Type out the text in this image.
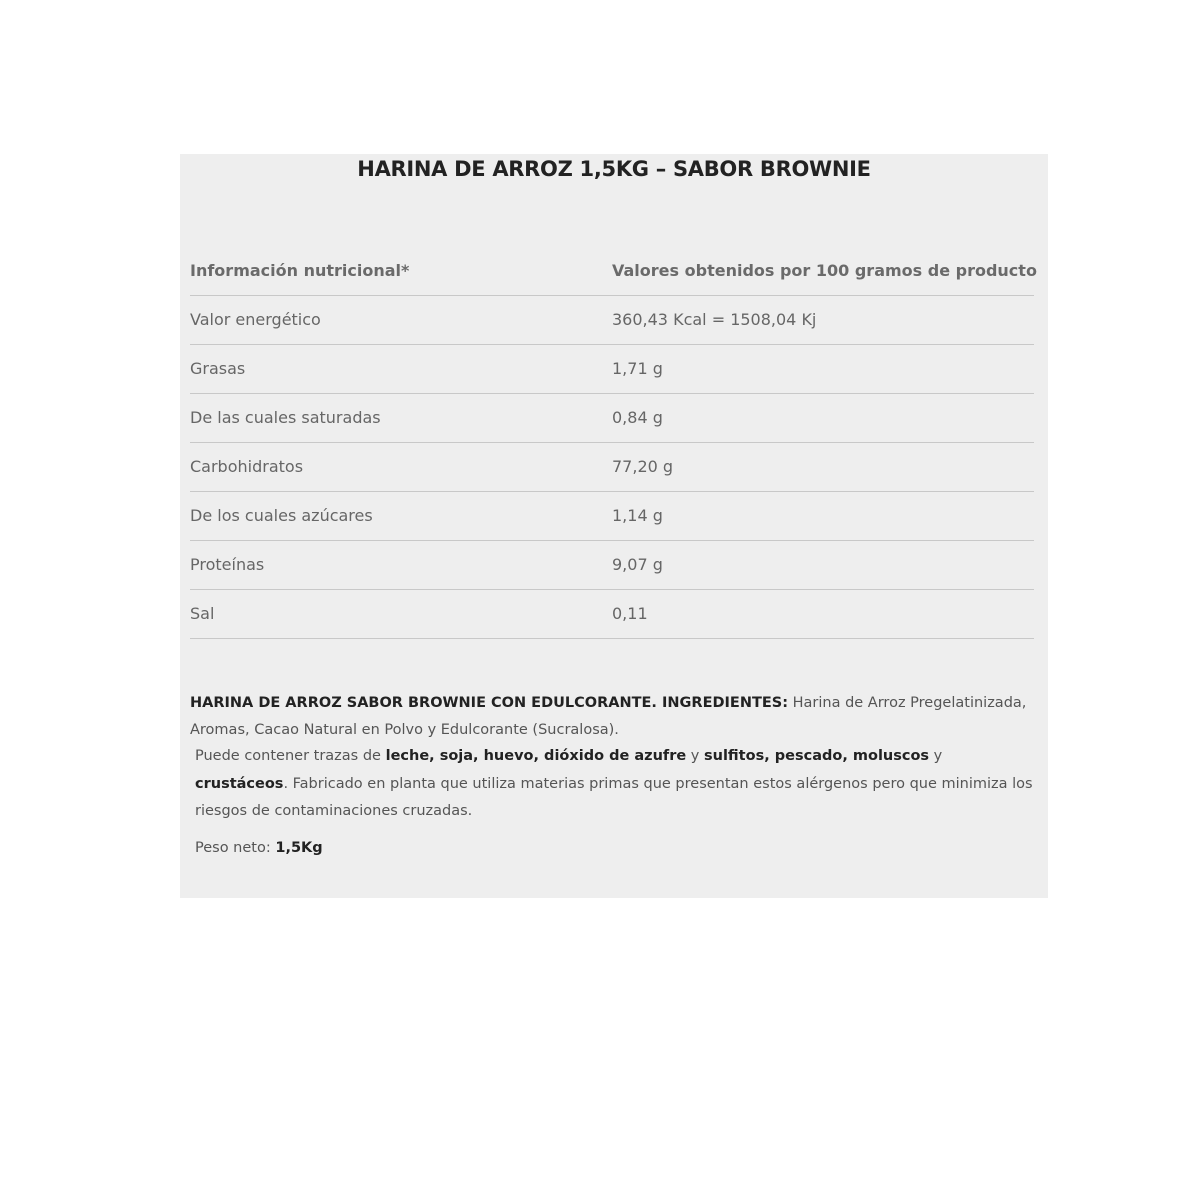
HARINA DE ARROZ 1,5KG – SABOR BROWNIE
Información nutricional*	Valores obtenidos por 100 gramos de producto
Valor energético	360,43 Kcal = 1508,04 Kj
Grasas	1,71 g
De las cuales saturadas	0,84 g
Carbohidratos	77,20 g
De los cuales azúcares	1,14 g
Proteínas	9,07 g
Sal	0,11
HARINA DE ARROZ SABOR BROWNIE CON EDULCORANTE. INGREDIENTES: Harina de Arroz Pregelatinizada, Aromas, Cacao Natural en Polvo y Edulcorante (Sucralosa).
Puede contener trazas de leche, soja, huevo, dióxido de azufre y sulfitos, pescado, moluscos y crustáceos. Fabricado en planta que utiliza materias primas que presentan estos alérgenos pero que minimiza los riesgos de contaminaciones cruzadas.
Peso neto: 1,5Kg
